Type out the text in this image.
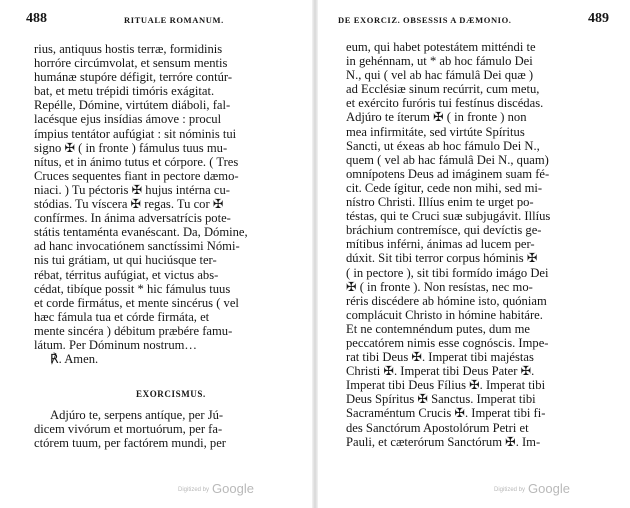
488	RITUALE ROMANUM.
rius, antiquus hostis terræ, formidinis
horróre circúmvolat, et sensum mentis
humánæ stupóre défigit, terróre contúr-
bat, et metu trépidi timóris exágitat.
Repélle, Dómine, virtútem diáboli, fal-
lacésque ejus insídias ámove : procul
ímpius tentátor aufúgiat : sit nóminis tui
signo ✠ ( in fronte ) fámulus tuus mu-
nítus, et in ánimo tutus et córpore. ( Tres
Cruces sequentes fiant in pectore dæmo-
niaci. ) Tu péctoris ✠ hujus intérna cu-
stódias. Tu víscera ✠ regas. Tu cor ✠
confírmes. In ánima adversatrícis pote-
státis tentaménta evanéscant. Da, Dómine,
ad hanc invocatiónem sanctíssimi Nómi-
nis tui grátiam, ut qui huciúsque ter-
rébat, térritus aufúgiat, et victus abs-
cédat, tibíque possit * hic fámulus tuus
et corde firmátus, et mente sincérus ( vel
hæc fámula tua et córde firmáta, et
mente sincéra ) débitum præbére famu-
látum. Per Dóminum nostrum…
℟. Amen.
EXORCISMUS.
Adjúro te, serpens antíque, per Jú-
dicem vivórum et mortuórum, per fa-
ctórem tuum, per factórem mundi, per
Digitized by Google
DE EXORCIZ. OBSESSIS A DÆMONIO.	489
eum, qui habet potestátem mitténdi te
in gehénnam, ut * ab hoc fámulo Dei
N., qui ( vel ab hac fámulâ Dei quæ )
ad Ecclésiæ sinum recúrrit, cum metu,
et exército furóris tui festínus discédas.
Adjúro te íterum ✠ ( in fronte ) non
mea infirmitáte, sed virtúte Spíritus
Sancti, ut éxeas ab hoc fámulo Dei N.,
quem ( vel ab hac fámulâ Dei N., quam)
omnípotens Deus ad imáginem suam fé-
cit. Cede ígitur, cede non mihi, sed mi-
nístro Christi. Illíus enim te urget po-
téstas, qui te Cruci suæ subjugávit. Illíus
bráchium contremísce, qui devíctis ge-
mítibus inférni, ánimas ad lucem per-
dúxit. Sit tibi terror corpus hóminis ✠
( in pectore ), sit tibi formído imágo Dei
✠ ( in fronte ). Non resístas, nec mo-
réris discédere ab hómine isto, quóniam
complácuit Christo in hómine habitáre.
Et ne contemnéndum putes, dum me
peccatórem nimis esse cognóscis. Impe-
rat tibi Deus ✠. Imperat tibi majéstas
Christi ✠. Imperat tibi Deus Pater ✠.
Imperat tibi Deus Fílius ✠. Imperat tibi
Deus Spíritus ✠ Sanctus. Imperat tibi
Sacraméntum Crucis ✠. Imperat tibi fi-
des Sanctórum Apostolórum Petri et
Pauli, et cæterórum Sanctórum ✠. Im-
Digitized by Google
